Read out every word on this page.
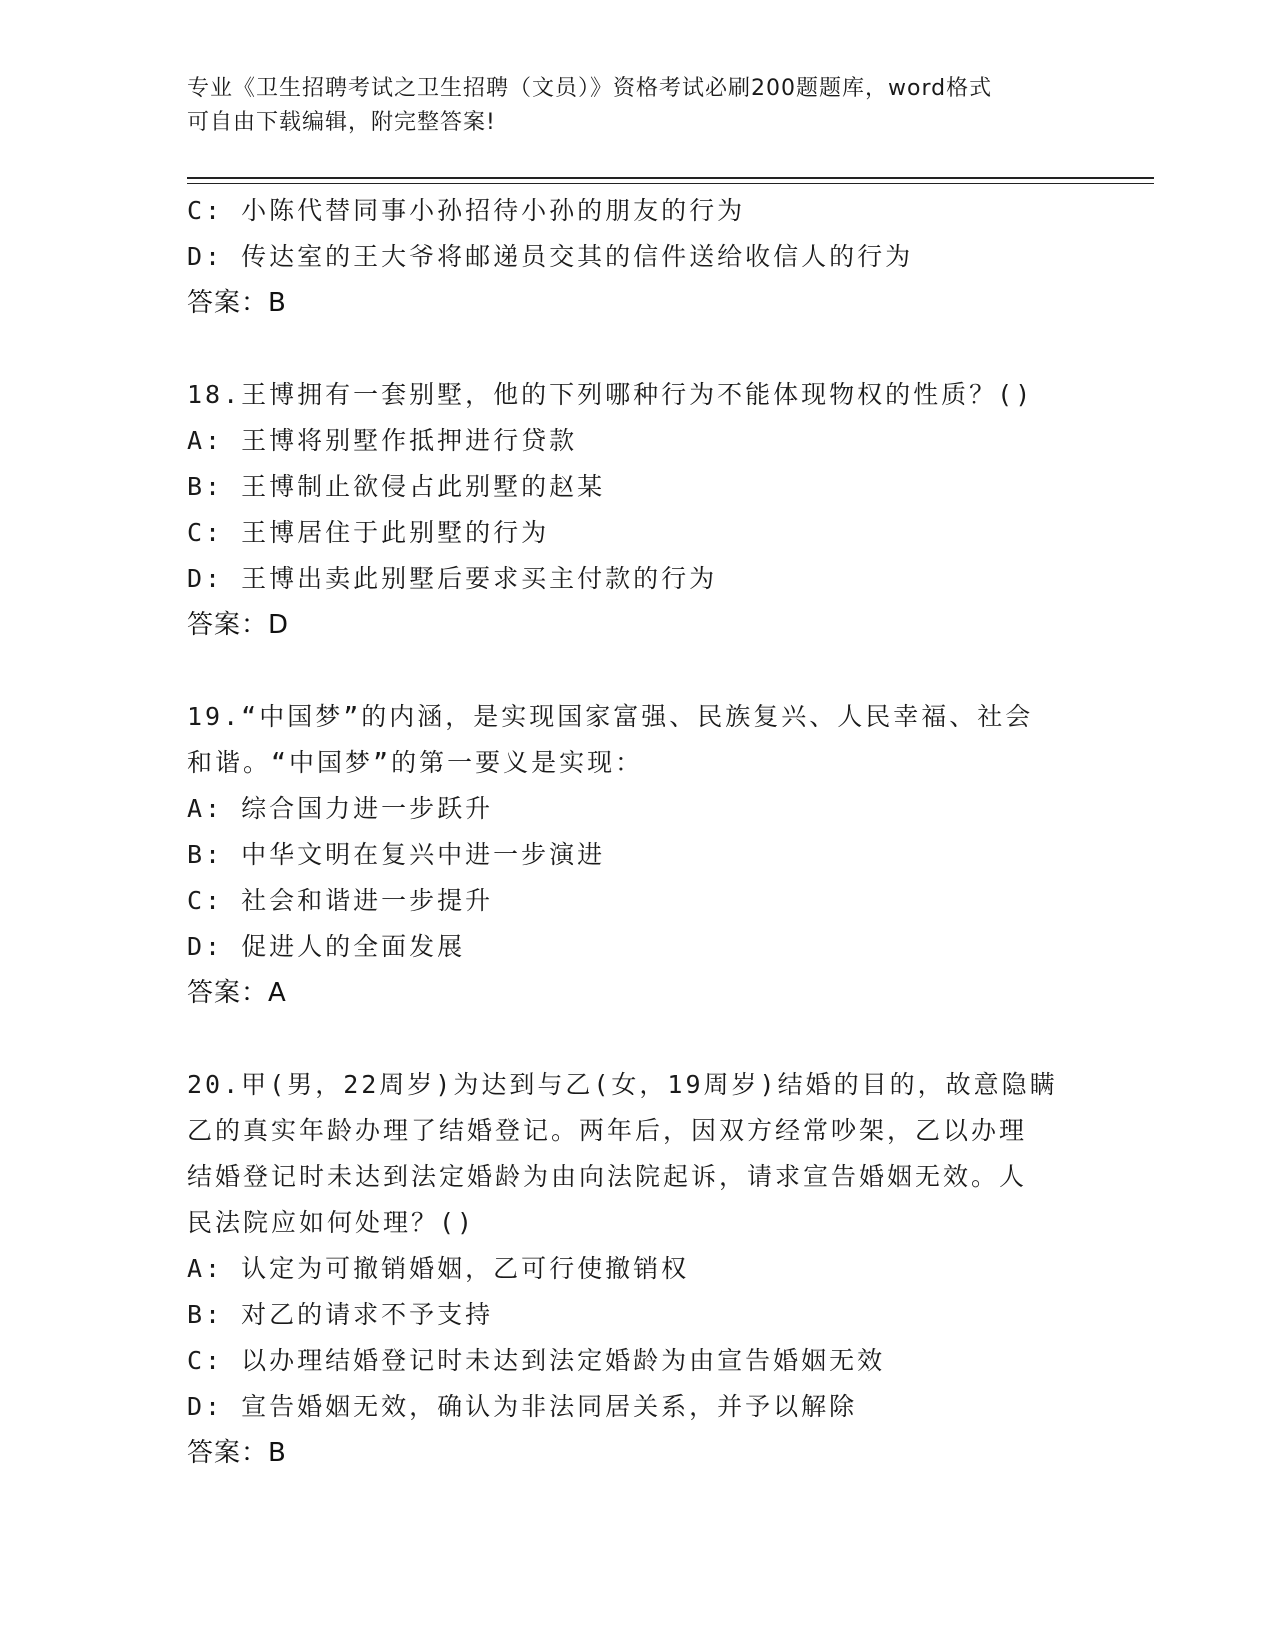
专业《卫生招聘考试之卫生招聘（文员）》资格考试必刷200题题库，word格式
可自由下载编辑，附完整答案!
C: 小陈代替同事小孙招待小孙的朋友的行为
D: 传达室的王大爷将邮递员交其的信件送给收信人的行为
答案：B
18.王博拥有一套别墅，他的下列哪种行为不能体现物权的性质？()
A: 王博将别墅作抵押进行贷款
B: 王博制止欲侵占此别墅的赵某
C: 王博居住于此别墅的行为
D: 王博出卖此别墅后要求买主付款的行为
答案：D
19.“中国梦”的内涵，是实现国家富强、民族复兴、人民幸福、社会
和谐。“中国梦”的第一要义是实现：
A: 综合国力进一步跃升
B: 中华文明在复兴中进一步演进
C: 社会和谐进一步提升
D: 促进人的全面发展
答案：A
20.甲(男，22周岁)为达到与乙(女，19周岁)结婚的目的，故意隐瞒
乙的真实年龄办理了结婚登记。两年后，因双方经常吵架，乙以办理
结婚登记时未达到法定婚龄为由向法院起诉，请求宣告婚姻无效。人
民法院应如何处理？()
A: 认定为可撤销婚姻，乙可行使撤销权
B: 对乙的请求不予支持
C: 以办理结婚登记时未达到法定婚龄为由宣告婚姻无效
D: 宣告婚姻无效，确认为非法同居关系，并予以解除
答案：B
